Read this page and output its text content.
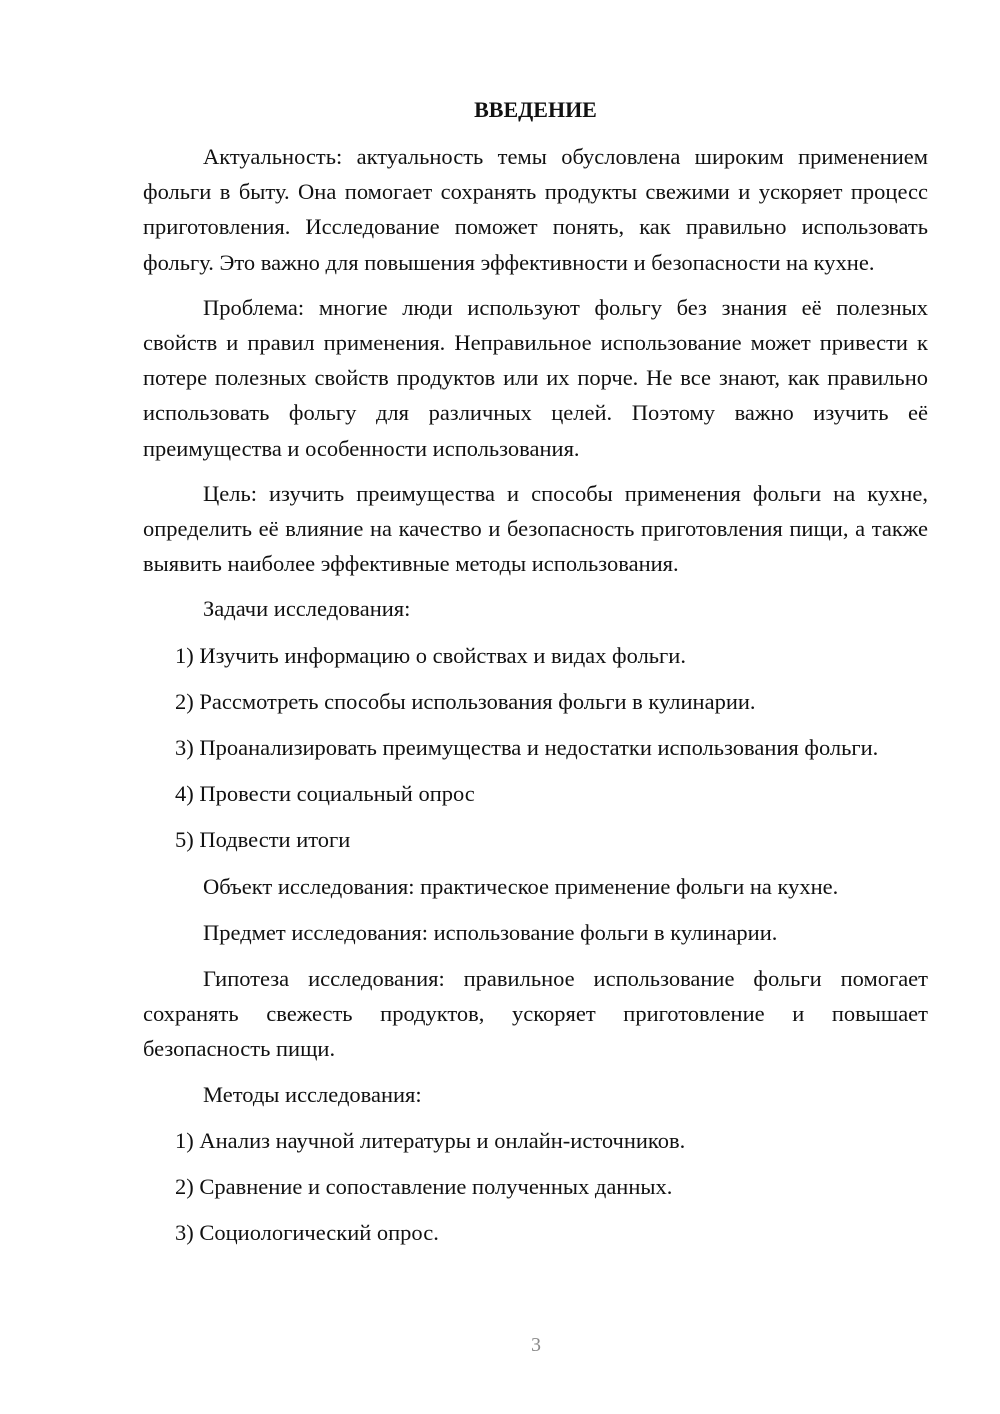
ВВЕДЕНИЕ

Актуальность: актуальность темы обусловлена широким применением фольги в быту. Она помогает сохранять продукты свежими и ускоряет процесс приготовления. Исследование поможет понять, как правильно использовать фольгу. Это важно для повышения эффективности и безопасности на кухне.

Проблема: многие люди используют фольгу без знания её полезных свойств и правил применения. Неправильное использование может привести к потере полезных свойств продуктов или их порче. Не все знают, как правильно использовать фольгу для различных целей. Поэтому важно изучить её преимущества и особенности использования.

Цель: изучить преимущества и способы применения фольги на кухне, определить её влияние на качество и безопасность приготовления пищи, а также выявить наиболее эффективные методы использования.

Задачи исследования:

1) Изучить информацию о свойствах и видах фольги.

2) Рассмотреть способы использования фольги в кулинарии.

3) Проанализировать преимущества и недостатки использования фольги.

4) Провести социальный опрос

5) Подвести итоги

Объект исследования: практическое применение фольги на кухне.

Предмет исследования: использование фольги в кулинарии.

Гипотеза исследования: правильное использование фольги помогает сохранять свежесть продуктов, ускоряет приготовление и повышает безопасность пищи.

Методы исследования:

1) Анализ научной литературы и онлайн-источников.

2) Сравнение и сопоставление полученных данных.

3) Социологический опрос.

3
